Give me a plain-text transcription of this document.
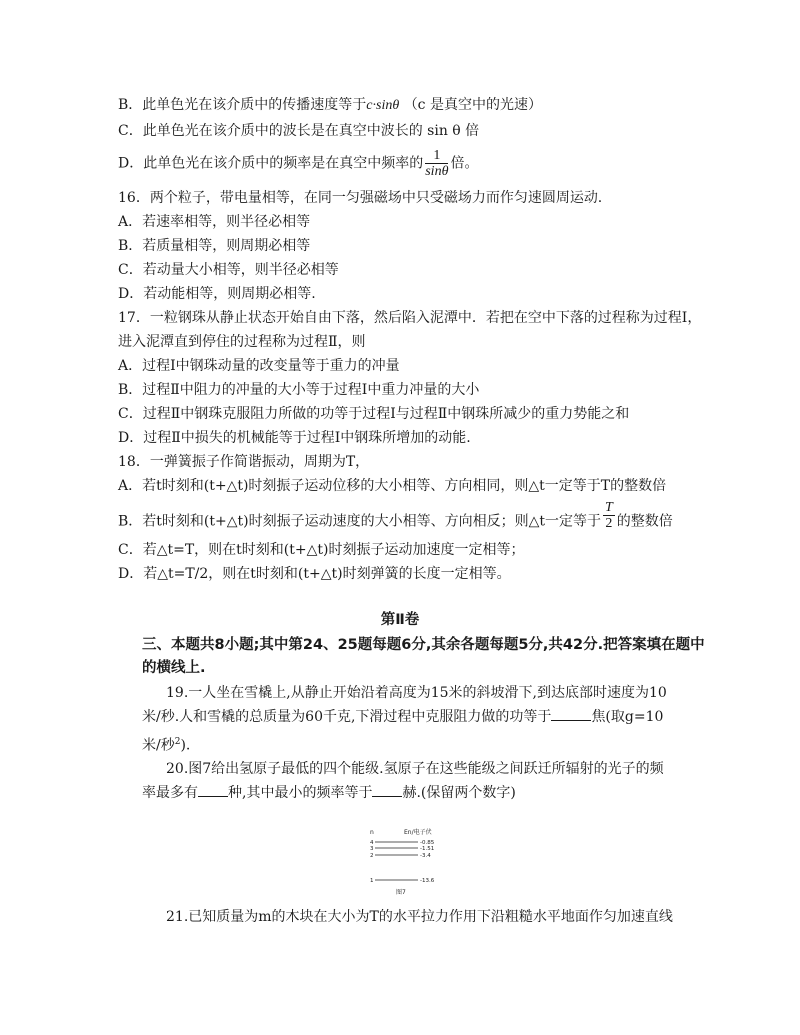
B．此单色光在该介质中的传播速度等于c·sinθ （c 是真空中的光速）
C．此单色光在该介质中的波长是在真空中波长的 sin θ 倍
D．此单色光在该介质中的频率是在真空中频率的 $\frac{1}{\sin\theta}$ 倍。
16．两个粒子，带电量相等，在同一匀强磁场中只受磁场力而作匀速圆周运动.
A．若速率相等，则半径必相等
B．若质量相等，则周期必相等
C．若动量大小相等，则半径必相等
D．若动能相等，则周期必相等.
17．一粒钢珠从静止状态开始自由下落，然后陷入泥潭中．若把在空中下落的过程称为过程Ⅰ，
进入泥潭直到停住的过程称为过程Ⅱ，则
A．过程Ⅰ中钢珠动量的改变量等于重力的冲量
B．过程Ⅱ中阻力的冲量的大小等于过程Ⅰ中重力冲量的大小
C．过程Ⅱ中钢珠克服阻力所做的功等于过程Ⅰ与过程Ⅱ中钢珠所减少的重力势能之和
D．过程Ⅱ中损失的机械能等于过程Ⅰ中钢珠所增加的动能.
18．一弹簧振子作简谐振动，周期为T，
A．若t时刻和(t+△t)时刻振子运动位移的大小相等、方向相同，则△t一定等于T的整数倍
B．若t时刻和(t+△t)时刻振子运动速度的大小相等、方向相反；则△t一定等于 $\frac{T}{2}$ 的整数倍
C．若△t=T，则在t时刻和(t+△t)时刻振子运动加速度一定相等；
D．若△t=T/2，则在t时刻和(t+△t)时刻弹簧的长度一定相等。
第Ⅱ卷
三、本题共8小题;其中第24、25题每题6分,其余各题每题5分,共42分.把答案填在题中
的横线上.
19.一人坐在雪橇上,从静止开始沿着高度为15米的斜坡滑下,到达底部时速度为10
米/秒.人和雪橇的总质量为60千克,下滑过程中克服阻力做的功等于	焦(取g=10
米/秒$^2$).
20.图7给出氢原子最低的四个能级.氢原子在这些能级之间跃迁所辐射的光子的频
率最多有 种,其中最小的频率等于 赫.(保留两个数字)
n	En/电子伏
4	-0.85
3	-1.51
2	-3.4
1	-13.6
图7
21.已知质量为m的木块在大小为T的水平拉力作用下沿粗糙水平地面作匀加速直线
